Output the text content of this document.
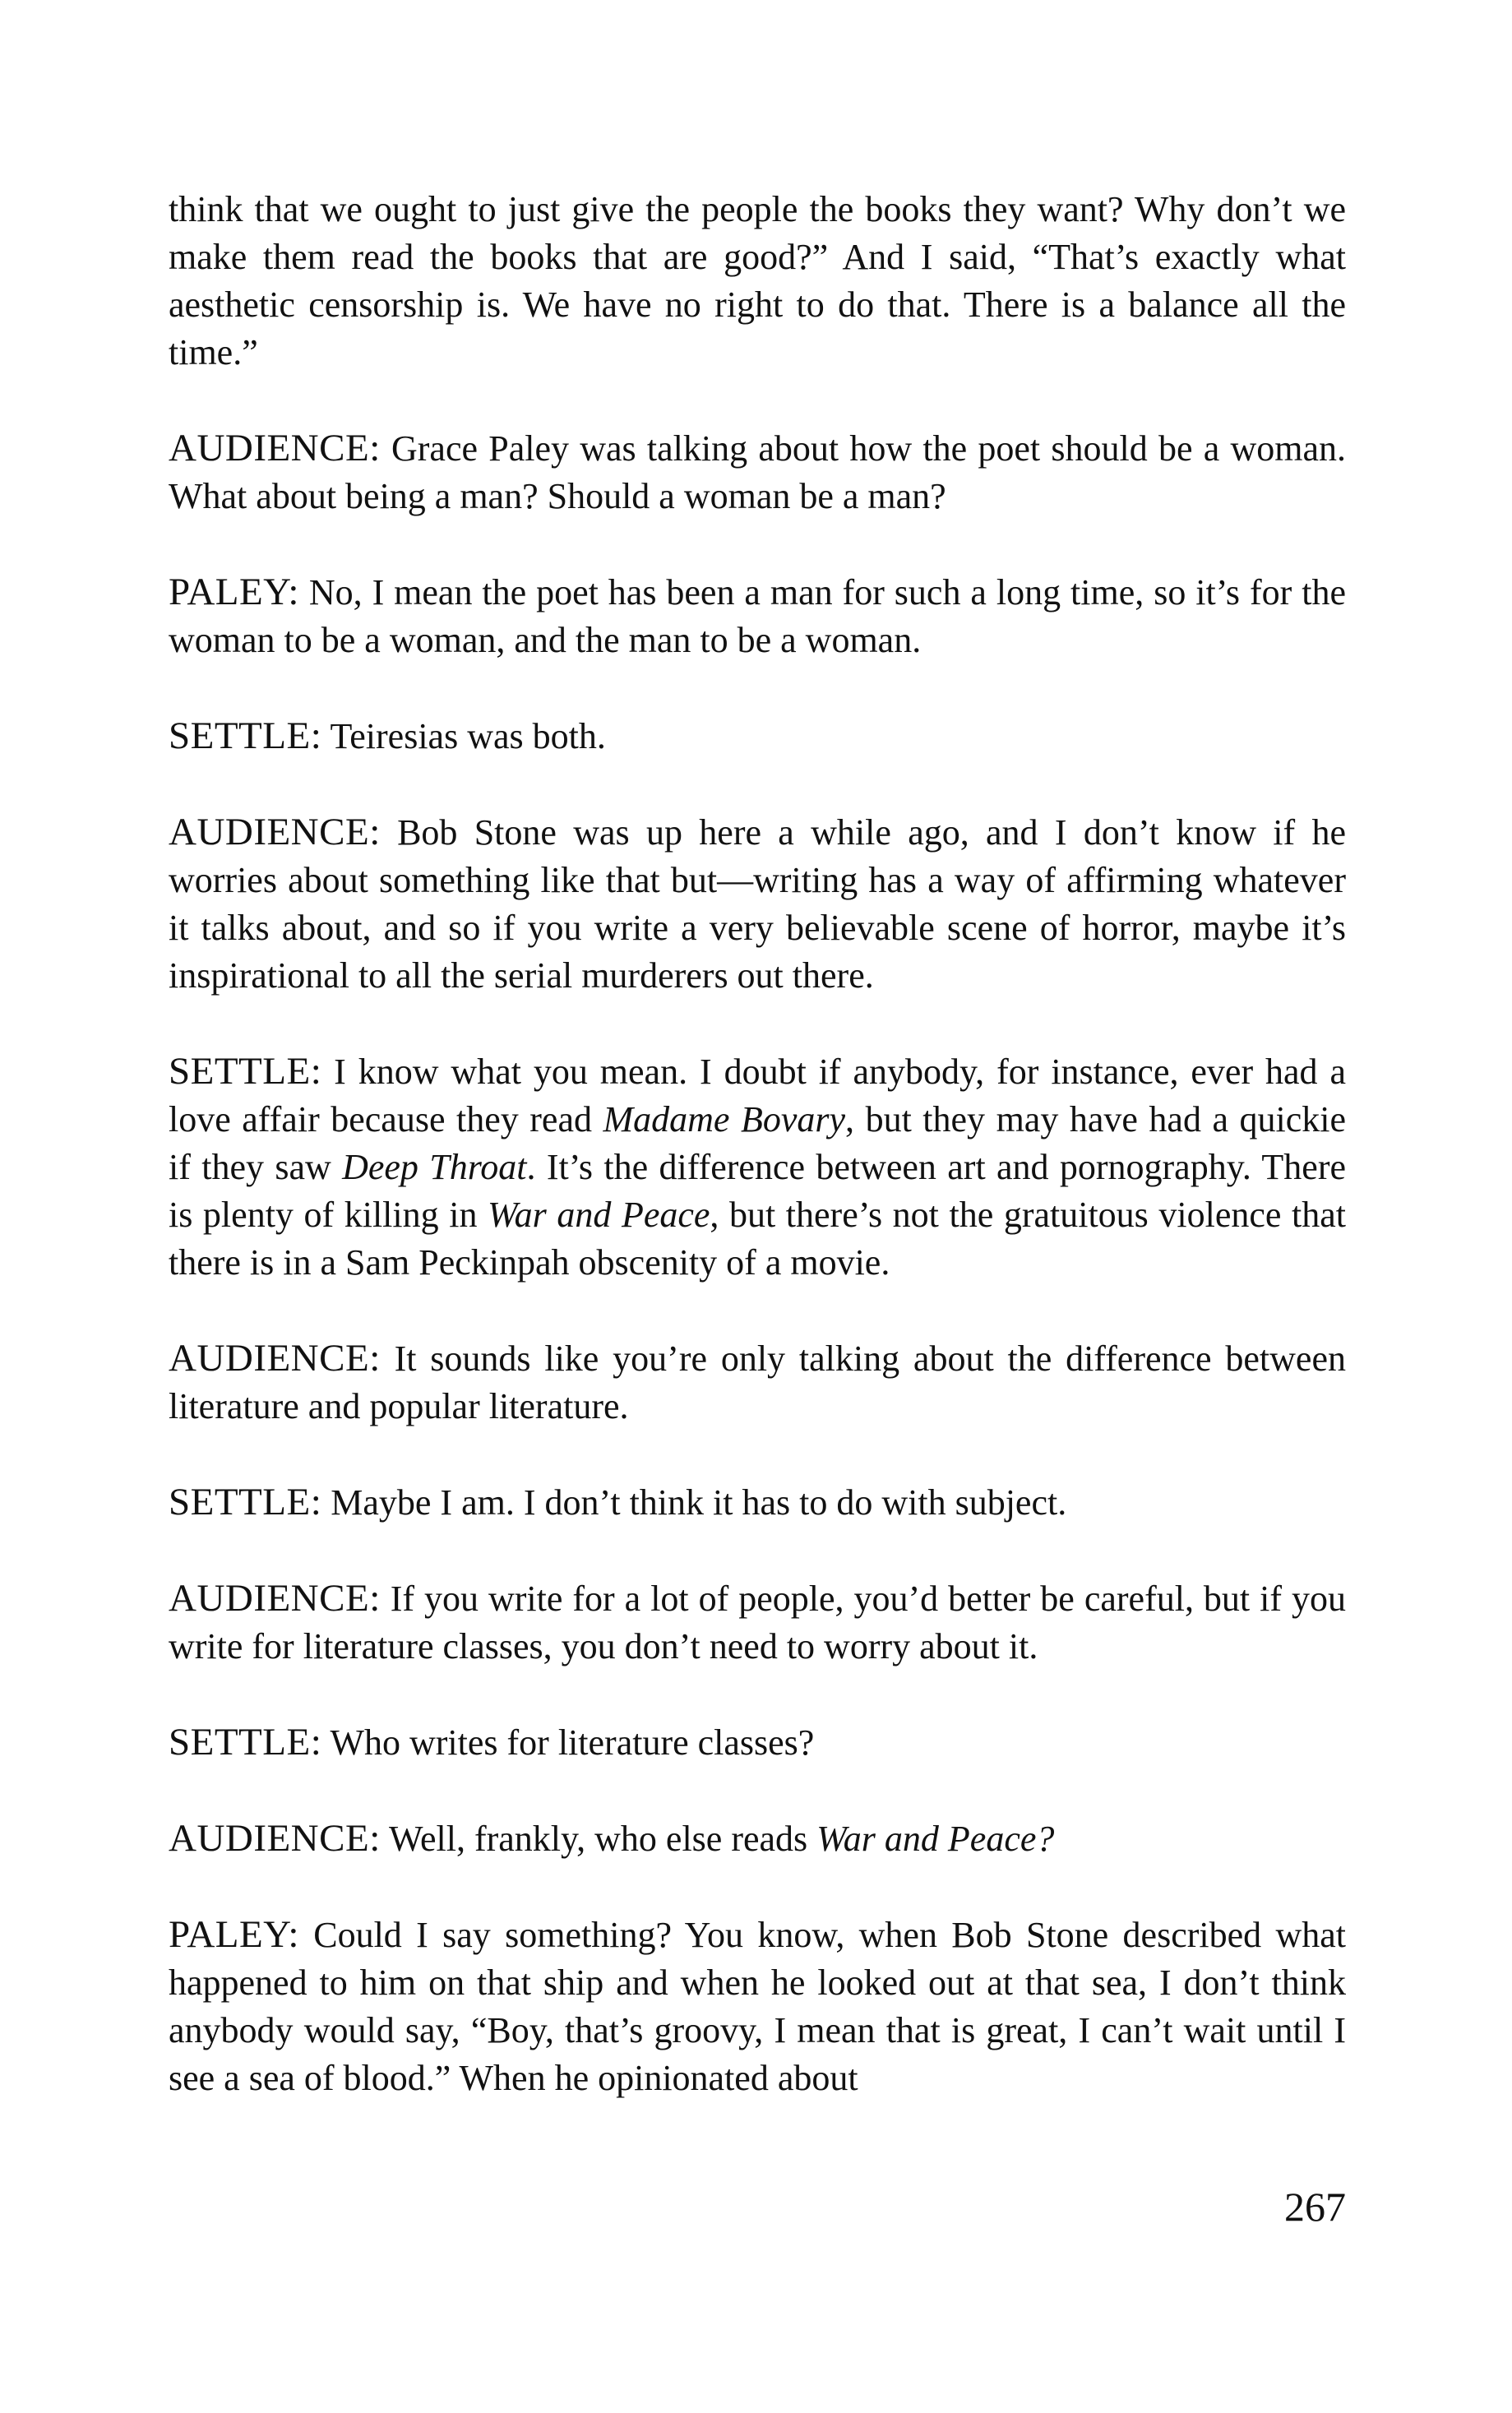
think that we ought to just give the people the books they want? Why don’t we make them read the books that are good?” And I said, “That’s exactly what aesthetic censorship is. We have no right to do that. There is a balance all the time.”

AUDIENCE : Grace Paley was talking about how the poet should be a woman. What about being a man? Should a woman be a man?

PALEY : No, I mean the poet has been a man for such a long time, so it’s for the woman to be a woman, and the man to be a woman.

SETTLE : Teiresias was both.

AUDIENCE : Bob Stone was up here a while ago, and I don’t know if he worries about something like that but—writing has a way of affirming whatever it talks about, and so if you write a very believable scene of horror, maybe it’s inspirational to all the serial murderers out there.

SETTLE : I know what you mean. I doubt if anybody, for instance, ever had a love affair because they read Madame Bovary, but they may have had a quickie if they saw Deep Throat. It’s the difference between art and pornography. There is plenty of killing in War and Peace, but there’s not the gratuitous violence that there is in a Sam Peckinpah obscenity of a movie.

AUDIENCE : It sounds like you’re only talking about the difference between literature and popular literature.

SETTLE : Maybe I am. I don’t think it has to do with subject.

AUDIENCE : If you write for a lot of people, you’d better be careful, but if you write for literature classes, you don’t need to worry about it.

SETTLE : Who writes for literature classes?

AUDIENCE : Well, frankly, who else reads War and Peace?

PALEY : Could I say something? You know, when Bob Stone described what happened to him on that ship and when he looked out at that sea, I don’t think anybody would say, “Boy, that’s groovy, I mean that is great, I can’t wait until I see a sea of blood.” When he opinionated about

267
